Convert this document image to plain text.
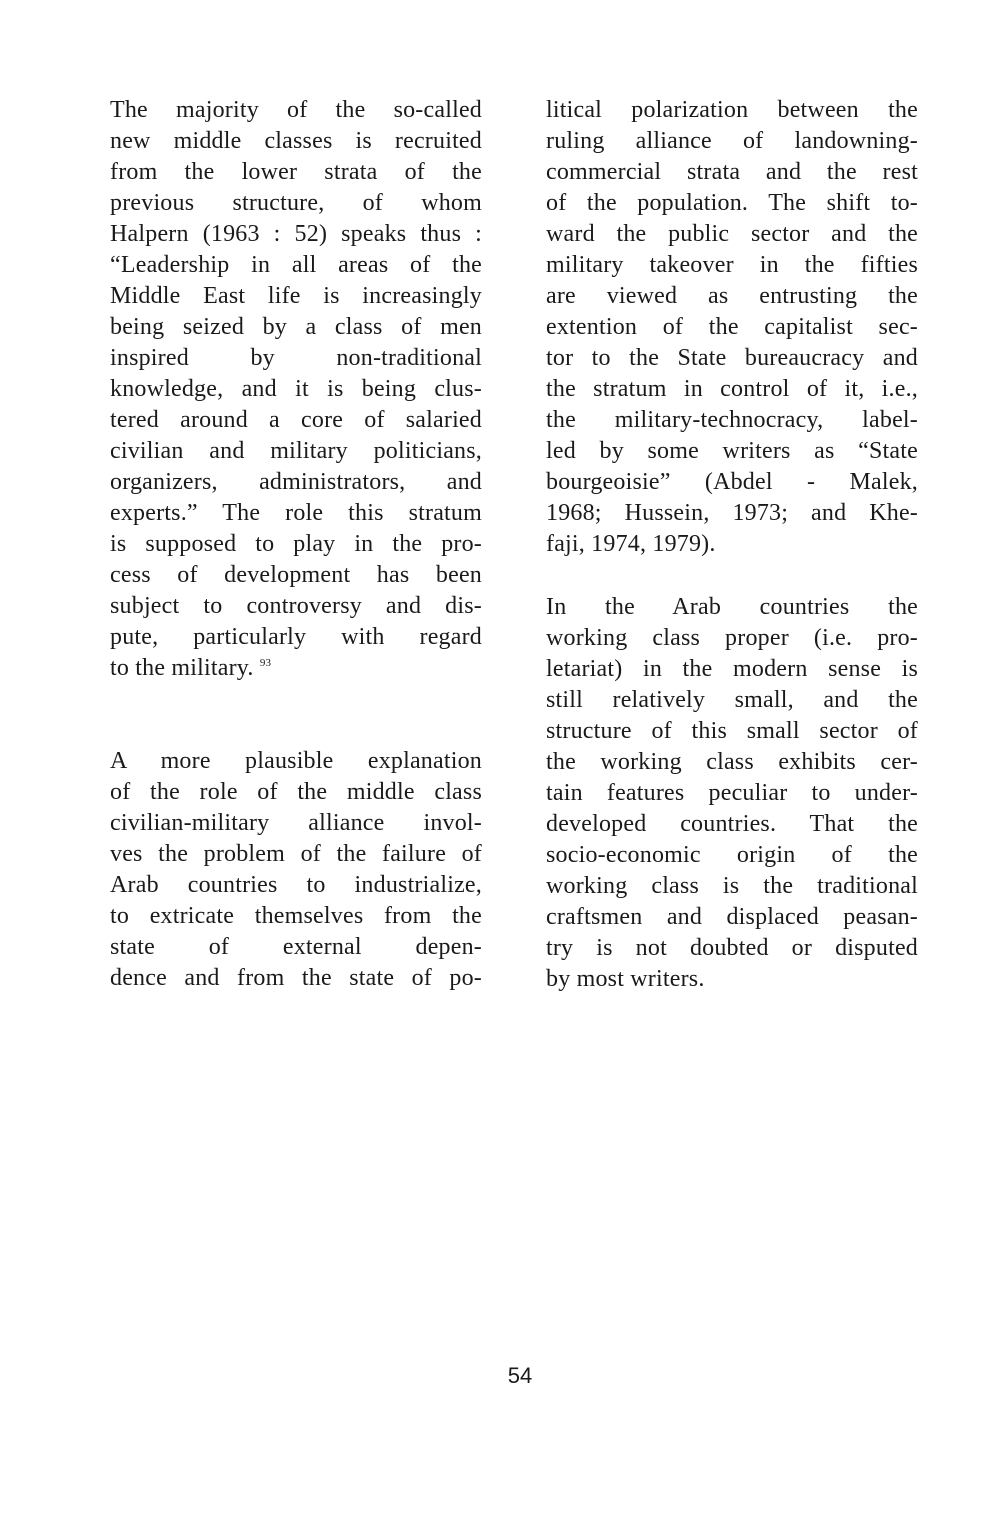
The majority of the so-called
new middle classes is recruited
from the lower strata of the
previous structure, of whom
Halpern (1963 : 52) speaks thus :
“Leadership in all areas of the
Middle East life is increasingly
being seized by a class of men
inspired by non-traditional
knowledge, and it is being clus-
tered around a core of salaried
civilian and military politicians,
organizers, administrators, and
experts.” The role this stratum
is supposed to play in the pro-
cess of development has been
subject to controversy and dis-
pute, particularly with regard
to the military. $^{93}$
A more plausible explanation
of the role of the middle class
civilian-military alliance invol-
ves the problem of the failure of
Arab countries to industrialize,
to extricate themselves from the
state of external depen-
dence and from the state of po-
litical polarization between the
ruling alliance of landowning-
commercial strata and the rest
of the population. The shift to-
ward the public sector and the
military takeover in the fifties
are viewed as entrusting the
extention of the capitalist sec-
tor to the State bureaucracy and
the stratum in control of it, i.e.,
the military-technocracy, label-
led by some writers as “State
bourgeoisie” (Abdel - Malek,
1968; Hussein, 1973; and Khe-
faji, 1974, 1979).
In the Arab countries the
working class proper (i.e. pro-
letariat) in the modern sense is
still relatively small, and the
structure of this small sector of
the working class exhibits cer-
tain features peculiar to under-
developed countries. That the
socio-economic origin of the
working class is the traditional
craftsmen and displaced peasan-
try is not doubted or disputed
by most writers.
54
